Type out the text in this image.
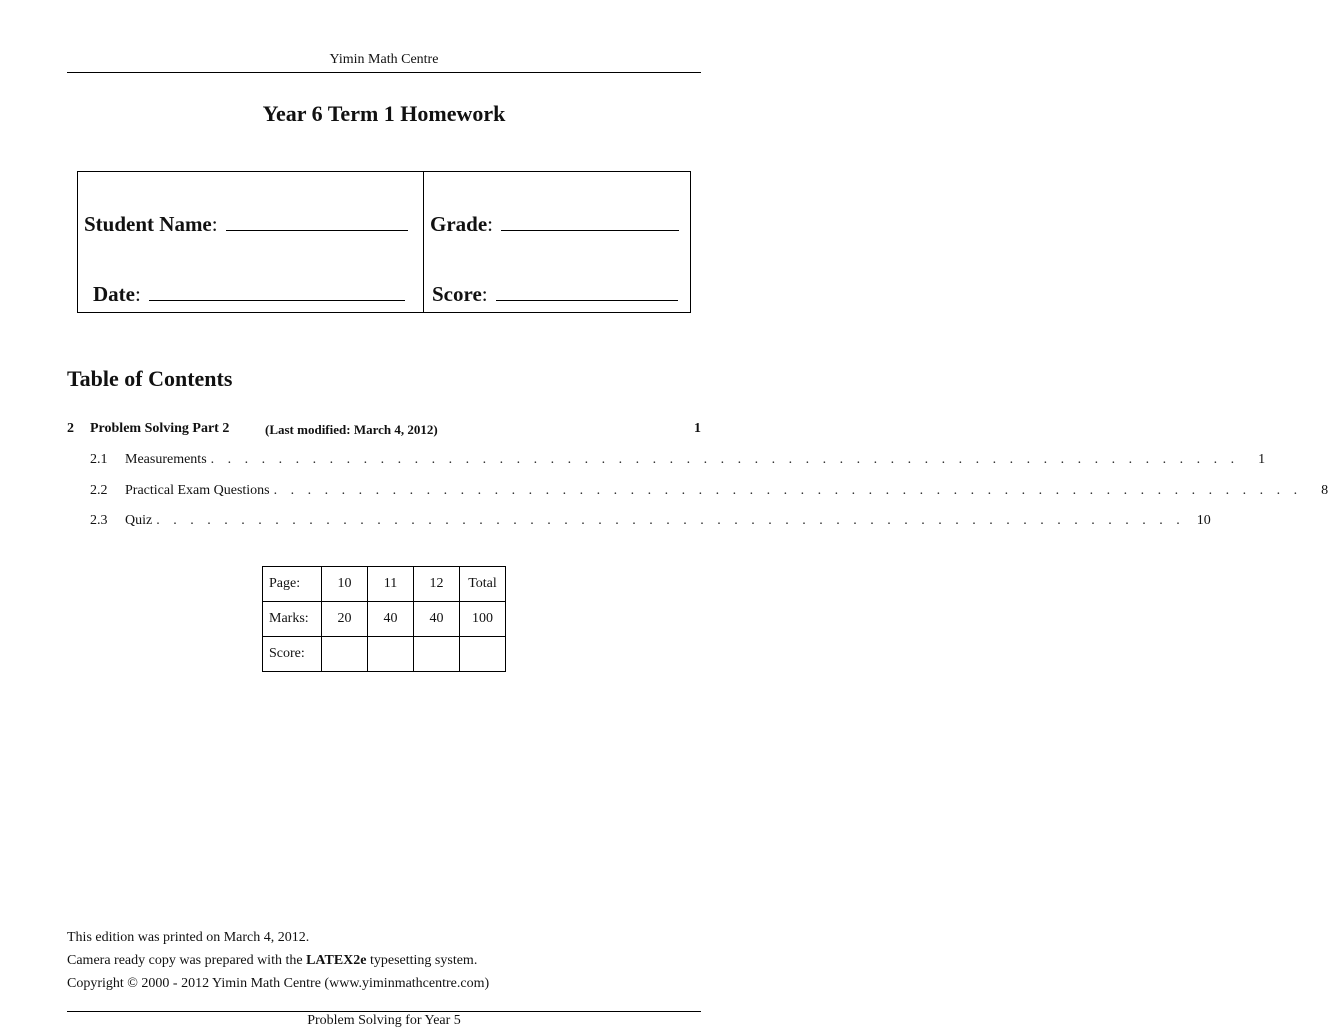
Yimin Math Centre
Year 6 Term 1 Homework
Student Name :	Grade :
Date :	Score :
Table of Contents
2 Problem Solving Part 2	(Last modified: March 4, 2012)	1
2.1	Measurements . . . . . . . . . . . . . . . . . . . . . . . . . . . . . . . . . . . . . . . . . . . . . . . . . . . . . . . . . . . . .	1
2.2	Practical Exam Questions . . . . . . . . . . . . . . . . . . . . . . . . . . . . . . . . . . . . . . . . . . . . . . . . . . . . . . . . . . . . .	8
2.3	Quiz . . . . . . . . . . . . . . . . . . . . . . . . . . . . . . . . . . . . . . . . . . . . . . . . . . . . . . . . . . . . . 10
Page:	10	11	12	Total
Marks:	20	40	40	100
Score:				
This edition was printed on March 4, 2012.
Camera ready copy was prepared with the LATEX2e typesetting system.
Copyright © 2000 - 2012 Yimin Math Centre (www.yiminmathcentre.com)
Problem Solving for Year 5
